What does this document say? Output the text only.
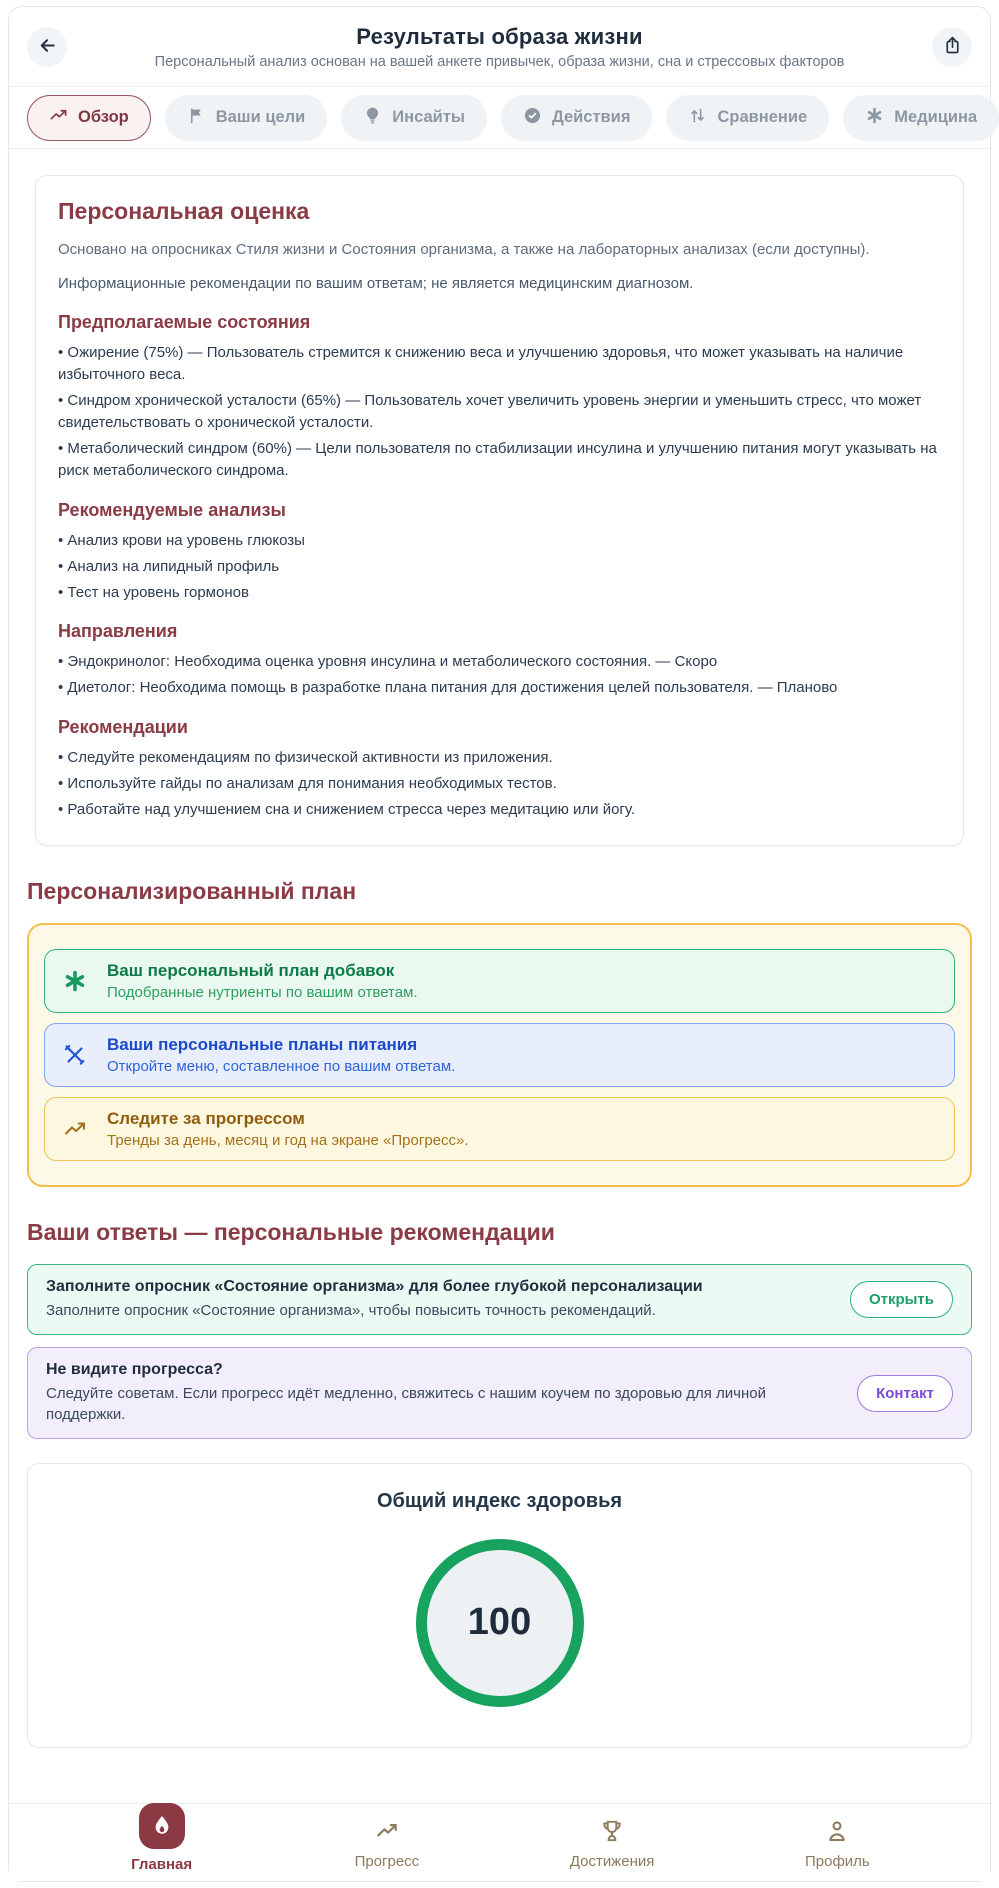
Результаты образа жизни

Персональный анализ основан на вашей анкете привычек, образа жизни, сна и стрессовых факторов

Обзор	Ваши цели	Инсайты	Действия	Сравнение	Медицина
Персональная оценка

Основано на опросниках Стиля жизни и Состояния организма, а также на лабораторных анализах (если доступны).

Информационные рекомендации по вашим ответам; не является медицинским диагнозом.

Предполагаемые состояния

• Ожирение (75%) — Пользователь стремится к снижению веса и улучшению здоровья, что может указывать на наличие избыточного веса.

• Синдром хронической усталости (65%) — Пользователь хочет увеличить уровень энергии и уменьшить стресс, что может свидетельствовать о хронической усталости.

• Метаболический синдром (60%) — Цели пользователя по стабилизации инсулина и улучшению питания могут указывать на риск метаболического синдрома.

Рекомендуемые анализы

• Анализ крови на уровень глюкозы

• Анализ на липидный профиль

• Тест на уровень гормонов

Направления

• Эндокринолог: Необходима оценка уровня инсулина и метаболического состояния. — Скоро

• Диетолог: Необходима помощь в разработке плана питания для достижения целей пользователя. — Планово

Рекомендации

• Следуйте рекомендациям по физической активности из приложения.

• Используйте гайды по анализам для понимания необходимых тестов.

• Работайте над улучшением сна и снижением стресса через медитацию или йогу.

Персонализированный план
Ваш персональный план добавок

Подобранные нутриенты по вашим ответам.

Ваши персональные планы питания

Откройте меню, составленное по вашим ответам.

Следите за прогрессом

Тренды за день, месяц и год на экране «Прогресс».

Ваши ответы — персональные рекомендации
Заполните опросник «Состояние организма» для более глубокой персонализации

Заполните опросник «Состояние организма», чтобы повысить точность рекомендаций.

Открыть
Не видите прогресса?

Следуйте советам. Если прогресс идёт медленно, свяжитесь с нашим коучем по здоровью для личной поддержки.

Контакт
Общий индекс здоровья
100
Главная	Прогресс	Достижения	Профиль
